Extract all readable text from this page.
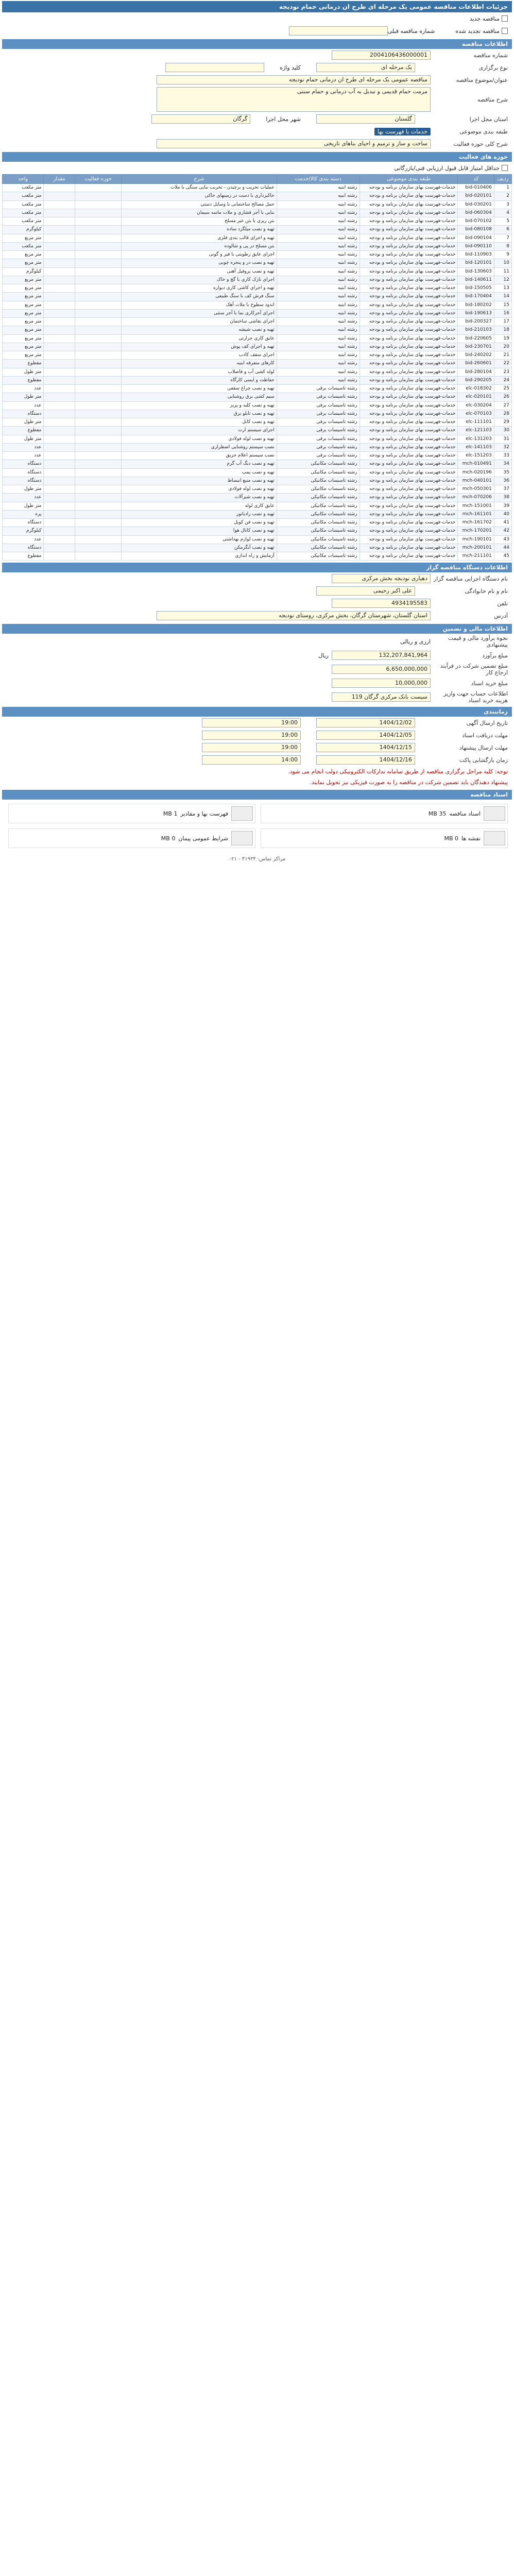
جزئیات اطلاعات مناقصه عمومی یک مرحله ای طرح ان درمانی حمام نودیجه
مناقصه جدید
مناقصه تجدید شده
شماره مناقصه قبلی
اطلاعات مناقصه
شماره مناقصه
2004106436000001
نوع برگزاری
یک مرحله ای
کلید واژه
عنوان/موضوع مناقصه
مناقصه عمومی یک مرحله ای طرح ان درمانی حمام نودیجه
شرح مناقصه
مرمت حمام قدیمی و تبدیل به آب درمانی و حمام سنتی
استان محل اجرا
گلستان
شهر محل اجرا
گرگان
طبقه بندی موضوعی
خدمات با فهرست بها
شرح کلی حوزه فعالیت
ساخت و ساز و ترمیم و احیای بناهای تاریخی
حوزه های فعالیت
حداقل امتیاز قابل قبول ارزیابی فنی/بازرگانی
ردیف	کد	طبقه بندی موضوعی	دسته بندی کالا/خدمت	شرح	حوزه فعالیت	مقدار	واحد
1	bid-010406	خدمات-فهرست بهای سازمان برنامه و بودجه	رشته ابنیه	عملیات تخریب و برچیدن - تخریب بنایی سنگی با ملات			متر مکعب
2	bid-020101	خدمات-فهرست بهای سازمان برنامه و بودجه	رشته ابنیه	خاکبرداری با دست در زمینهای خاکی			متر مکعب
3	bid-030201	خدمات-فهرست بهای سازمان برنامه و بودجه	رشته ابنیه	حمل مصالح ساختمانی با وسایل دستی			متر مکعب
4	bid-060304	خدمات-فهرست بهای سازمان برنامه و بودجه	رشته ابنیه	بنایی با آجر فشاری و ملات ماسه سیمان			متر مکعب
5	bid-070102	خدمات-فهرست بهای سازمان برنامه و بودجه	رشته ابنیه	بتن ریزی با بتن غیر مسلح			متر مکعب
6	bid-080108	خدمات-فهرست بهای سازمان برنامه و بودجه	رشته ابنیه	تهیه و نصب میلگرد ساده			کیلوگرم
7	bid-090104	خدمات-فهرست بهای سازمان برنامه و بودجه	رشته ابنیه	تهیه و اجرای قالب بندی فلزی			متر مربع
8	bid-090110	خدمات-فهرست بهای سازمان برنامه و بودجه	رشته ابنیه	بتن مسلح در پی و شالوده			متر مکعب
9	bid-110903	خدمات-فهرست بهای سازمان برنامه و بودجه	رشته ابنیه	اجرای عایق رطوبتی با قیر و گونی			متر مربع
10	bid-120101	خدمات-فهرست بهای سازمان برنامه و بودجه	رشته ابنیه	تهیه و نصب در و پنجره چوبی			متر مربع
11	bid-130603	خدمات-فهرست بهای سازمان برنامه و بودجه	رشته ابنیه	تهیه و نصب پروفیل آهنی			کیلوگرم
12	bid-140611	خدمات-فهرست بهای سازمان برنامه و بودجه	رشته ابنیه	اجرای نازک کاری با گچ و خاک			متر مربع
13	bid-150505	خدمات-فهرست بهای سازمان برنامه و بودجه	رشته ابنیه	تهیه و اجرای کاشی کاری دیواره			متر مربع
14	bid-170404	خدمات-فهرست بهای سازمان برنامه و بودجه	رشته ابنیه	سنگ فرش کف با سنگ طبیعی			متر مربع
15	bid-180202	خدمات-فهرست بهای سازمان برنامه و بودجه	رشته ابنیه	اندود سطوح با ملات آهک			متر مربع
16	bid-190613	خدمات-فهرست بهای سازمان برنامه و بودجه	رشته ابنیه	اجرای آجرکاری نما با آجر سنتی			متر مربع
17	bid-200327	خدمات-فهرست بهای سازمان برنامه و بودجه	رشته ابنیه	اجرای نقاشی ساختمان			متر مربع
18	bid-210103	خدمات-فهرست بهای سازمان برنامه و بودجه	رشته ابنیه	تهیه و نصب شیشه			متر مربع
19	bid-220605	خدمات-فهرست بهای سازمان برنامه و بودجه	رشته ابنیه	عایق کاری حرارتی			متر مربع
20	bid-230701	خدمات-فهرست بهای سازمان برنامه و بودجه	رشته ابنیه	تهیه و اجرای کف پوش			متر مربع
21	bid-240202	خدمات-فهرست بهای سازمان برنامه و بودجه	رشته ابنیه	اجرای سقف کاذب			متر مربع
22	bid-260601	خدمات-فهرست بهای سازمان برنامه و بودجه	رشته ابنیه	کارهای متفرقه ابنیه			مقطوع
23	bid-280104	خدمات-فهرست بهای سازمان برنامه و بودجه	رشته ابنیه	لوله کشی آب و فاضلاب			متر طول
24	bid-290205	خدمات-فهرست بهای سازمان برنامه و بودجه	رشته ابنیه	حفاظت و ایمنی کارگاه			مقطوع
25	elc-018302	خدمات-فهرست بهای سازمان برنامه و بودجه	رشته تاسیسات برقی	تهیه و نصب چراغ سقفی			عدد
26	elc-020101	خدمات-فهرست بهای سازمان برنامه و بودجه	رشته تاسیسات برقی	سیم کشی برق روشنایی			متر طول
27	elc-030204	خدمات-فهرست بهای سازمان برنامه و بودجه	رشته تاسیسات برقی	تهیه و نصب کلید و پریز			عدد
28	elc-070103	خدمات-فهرست بهای سازمان برنامه و بودجه	رشته تاسیسات برقی	تهیه و نصب تابلو برق			دستگاه
29	elc-111101	خدمات-فهرست بهای سازمان برنامه و بودجه	رشته تاسیسات برقی	تهیه و نصب کابل			متر طول
30	elc-121103	خدمات-فهرست بهای سازمان برنامه و بودجه	رشته تاسیسات برقی	اجرای سیستم ارت			مقطوع
31	elc-131203	خدمات-فهرست بهای سازمان برنامه و بودجه	رشته تاسیسات برقی	تهیه و نصب لوله فولادی			متر طول
32	elc-141103	خدمات-فهرست بهای سازمان برنامه و بودجه	رشته تاسیسات برقی	نصب سیستم روشنایی اضطراری			عدد
33	elc-151203	خدمات-فهرست بهای سازمان برنامه و بودجه	رشته تاسیسات برقی	نصب سیستم اعلام حریق			عدد
34	mch-010491	خدمات-فهرست بهای سازمان برنامه و بودجه	رشته تاسیسات مکانیکی	تهیه و نصب دیگ آب گرم			دستگاه
35	mch-020196	خدمات-فهرست بهای سازمان برنامه و بودجه	رشته تاسیسات مکانیکی	تهیه و نصب پمپ			دستگاه
36	mch-040101	خدمات-فهرست بهای سازمان برنامه و بودجه	رشته تاسیسات مکانیکی	تهیه و نصب منبع انبساط			دستگاه
37	mch-050301	خدمات-فهرست بهای سازمان برنامه و بودجه	رشته تاسیسات مکانیکی	تهیه و نصب لوله فولادی			متر طول
38	mch-070206	خدمات-فهرست بهای سازمان برنامه و بودجه	رشته تاسیسات مکانیکی	تهیه و نصب شیرآلات			عدد
39	mch-151001	خدمات-فهرست بهای سازمان برنامه و بودجه	رشته تاسیسات مکانیکی	عایق کاری لوله			متر طول
40	mch-161101	خدمات-فهرست بهای سازمان برنامه و بودجه	رشته تاسیسات مکانیکی	تهیه و نصب رادیاتور			پره
41	mch-161702	خدمات-فهرست بهای سازمان برنامه و بودجه	رشته تاسیسات مکانیکی	تهیه و نصب فن کویل			دستگاه
42	mch-170201	خدمات-فهرست بهای سازمان برنامه و بودجه	رشته تاسیسات مکانیکی	تهیه و نصب کانال هوا			کیلوگرم
43	mch-190101	خدمات-فهرست بهای سازمان برنامه و بودجه	رشته تاسیسات مکانیکی	تهیه و نصب لوازم بهداشتی			عدد
44	mch-200101	خدمات-فهرست بهای سازمان برنامه و بودجه	رشته تاسیسات مکانیکی	تهیه و نصب آبگرمکن			دستگاه
45	mch-211101	خدمات-فهرست بهای سازمان برنامه و بودجه	رشته تاسیسات مکانیکی	آزمایش و راه اندازی			مقطوع
اطلاعات دستگاه مناقصه گزار
نام دستگاه اجرایی مناقصه گزار
دهیاری نودیجه بخش مرکزی
نام و نام خانوادگی
علی اکبر رحیمی
تلفن
4934195583
آدرس
استان گلستان، شهرستان گرگان، بخش مرکزی، روستای نودیجه
اطلاعات مالی و تضمین
نحوه برآورد مالی و قیمت پیشنهادی
ارزی و ریالی
مبلغ برآورد
132,207,841,964
ریال
مبلغ تضمین شرکت در فرآیند ارجاع کار
6,650,000,000
مبلغ خرید اسناد
10,000,000
اطلاعات حساب جهت واریز هزینه خرید اسناد
سیست بانک مرکزی گرگان 119
زمانبندی
تاریخ ارسال آگهی
1404/12/02
19:00
مهلت دریافت اسناد
1404/12/05
19:00
مهلت ارسال پیشنهاد
1404/12/15
19:00
زمان بازگشایی پاکت
1404/12/16
14:00
توجه: کلیه مراحل برگزاری مناقصه از طریق سامانه تدارکات الکترونیکی دولت انجام می شود.
پیشنهاد دهندگان باید تضمین شرکت در مناقصه را به صورت فیزیکی نیز تحویل نمایند.
اسناد مناقصه
اسناد مناقصه
35 MB
فهرست بها و مقادیر
1 MB
نقشه ها
0 MB
شرایط عمومی پیمان
0 MB
مراکز تماس: ۴۱۹۳۴ - ۰۲۱
